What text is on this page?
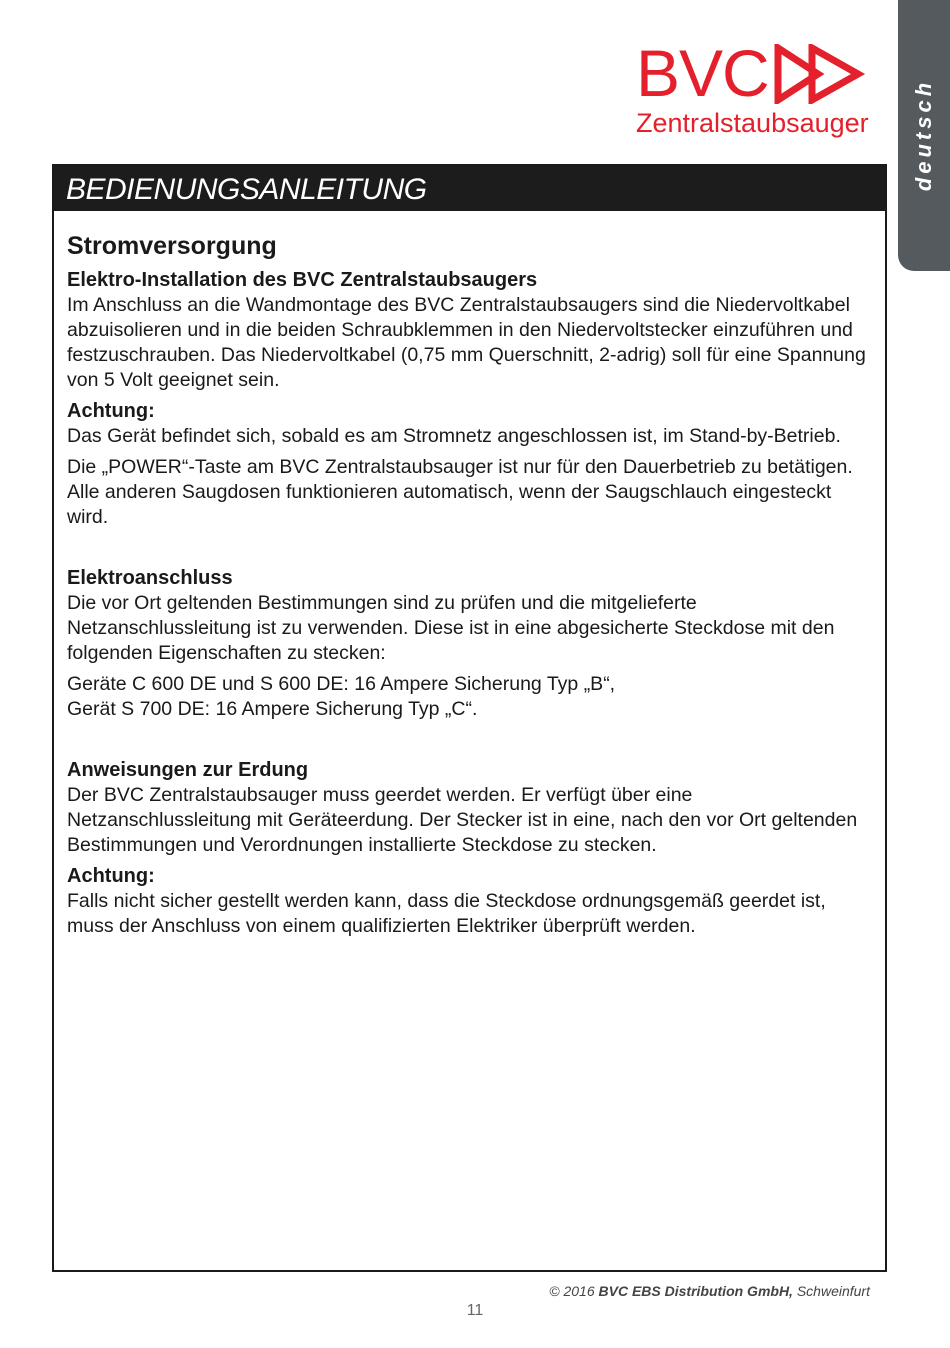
deutsch
BVC
Zentralstaubsauger
BEDIENUNGSANLEITUNG
Stromversorgung
Elektro-Installation des BVC Zentralstaubsaugers
Im Anschluss an die Wandmontage des BVC Zentralstaubsaugers sind die Niedervoltkabel abzuisolieren und in die beiden Schraubklemmen in den Niedervoltstecker einzuführen und festzuschrauben. Das Niedervoltkabel (0,75 mm Querschnitt, 2-adrig) soll für eine Spannung von 5 Volt geeignet sein.
Achtung:
Das Gerät befindet sich, sobald es am Stromnetz angeschlossen ist, im Stand-by-Betrieb.
Die „POWER“-Taste am BVC Zentralstaubsauger ist nur für den Dauerbetrieb zu betätigen. Alle anderen Saugdosen funktionieren automatisch, wenn der Saugschlauch eingesteckt wird.
Elektroanschluss
Die vor Ort geltenden Bestimmungen sind zu prüfen und die mitgelieferte Netzanschlussleitung ist zu verwenden. Diese ist in eine abgesicherte Steckdose mit den folgenden Eigenschaften zu stecken:
Geräte C 600 DE und S 600 DE: 16 Ampere Sicherung Typ „B“,
Gerät S 700 DE: 16 Ampere Sicherung Typ „C“.
Anweisungen zur Erdung
Der BVC Zentralstaubsauger muss geerdet werden. Er verfügt über eine Netzanschlussleitung mit Geräteerdung. Der Stecker ist in eine, nach den vor Ort geltenden Bestimmungen und Verordnungen installierte Steckdose zu stecken.
Achtung:
Falls nicht sicher gestellt werden kann, dass die Steckdose ordnungsgemäß geerdet ist, muss der Anschluss von einem qualifizierten Elektriker überprüft werden.
© 2016 BVC EBS Distribution GmbH, Schweinfurt
11
